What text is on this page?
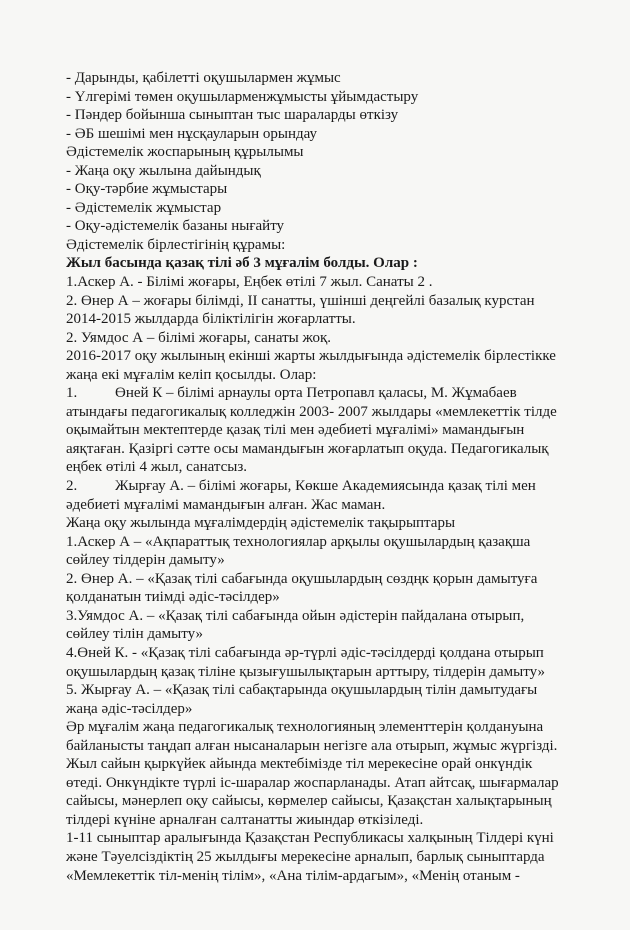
- Дарынды, қабілетті оқушылармен жұмыс

- Үлгерімі төмен оқушыларменжұмысты ұйымдастыру

- Пәндер бойынша сыныптан тыс шараларды өткізу

- ӘБ шешімі мен нұсқауларын орындау

Әдістемелік жоспарының құрылымы

- Жаңа оқу жылына дайындық

- Оқу-тәрбие жұмыстары

- Әдістемелік жұмыстар

- Оқу-әдістемелік базаны нығайту

Әдістемелік бірлестігінің құрамы:

Жыл басында қазақ тілі әб 3 мұғалім болды. Олар :

1.Аскер А. - Білімі жоғары, Еңбек өтілі 7 жыл. Санаты 2 .

2. Өнер А – жоғары білімді, II санатты, үшінші деңгейлі базалық курстан

2014-2015 жылдарда біліктілігін жоғарлатты.

2. Уямдос А – білімі жоғары, санаты жоқ.

2016-2017 оқу жылының екінші жарты жылдығында әдістемелік бірлестікке

жаңа екі мұғалім келіп қосылды. Олар:

1.	Өней К – білімі арнаулы орта Петропавл қаласы, М. Жұмабаев

атындағы педагогикалық колледжін 2003- 2007 жылдары «мемлекеттік тілде

оқымайтын мектептерде қазақ тілі мен әдебиеті мұғалімі» мамандығын

аяқтаған. Қазіргі сәтте осы мамандығын жоғарлатып оқуда. Педагогикалық

еңбек өтілі 4 жыл, санатсыз.

2.	Жырғау А. – білімі жоғары, Көкше Академиясында қазақ тілі мен

әдебиеті мұғалімі мамандығын алған. Жас маман.

Жаңа оқу жылында мұғалімдердің әдістемелік тақырыптары

1.Аскер А – «Ақпараттық технологиялар арқылы оқушылардың қазақша

сөйлеу тілдерін дамыту»

2. Өнер А. – «Қазақ тілі сабағында оқушылардың сөздңк қорын дамытуға

қолданатын тиімді әдіс-тәсілдер»

3.Уямдос А. – «Қазақ тілі сабағында ойын әдістерін пайдалана отырып,

сөйлеу тілін дамыту»

4.Өней К. - «Қазақ тілі сабағында әр-түрлі әдіс-тәсілдерді қолдана отырып

оқушылардың қазақ тіліне қызығушылықтарын арттыру, тілдерін дамыту»

5. Жырғау А. – «Қазақ тілі сабақтарында оқушылардың тілін дамытудағы

жаңа әдіс-тәсілдер»

Әр мұғалім жаңа педагогикалық технологияның элементтерін қолдануына

байланысты таңдап алған нысаналарын негізге ала отырып, жұмыс жүргізді.

Жыл сайын қыркүйек айында мектебімізде тіл мерекесіне орай онкүндік

өтеді. Онкүндікте түрлі іс-шаралар жоспарланады. Атап айтсақ, шығармалар

сайысы, мәнерлеп оқу сайысы, көрмелер сайысы, Қазақстан халықтарының

тілдері күніне арналған салтанатты жиындар өткізіледі.

1-11 сыныптар аралығында Қазақстан Республикасы халқының Тілдері күні

және Тәуелсіздіктің 25 жылдығы мерекесіне арналып, барлық сыныптарда

«Мемлекеттік тіл-менің тілім», «Ана тілім-ардагым», «Менің отаным -
